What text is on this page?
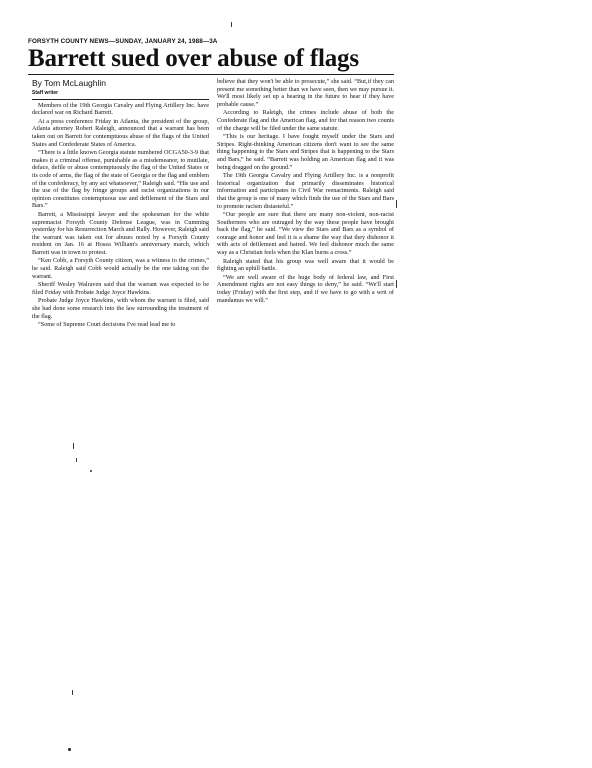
FORSYTH COUNTY NEWS—SUNDAY, JANUARY 24, 1988—3A
Barrett sued over abuse of flags
By Tom McLaughlin
Staff writer

Members of the 19th Georgia Cavalry and Flying Artillery Inc. have declared war on Richard Barrett.

At a press conference Friday in Atlanta, the president of the group, Atlanta attorney Robert Raleigh, announced that a warrant has been taken out on Barrett for contemptuous abuse of the flags of the United States and Confederate States of America.

“There is a little known Georgia statute numbered OCGA50-3-9 that makes it a criminal offense, punishable as a misdemeanor, to mutilate, deface, defile or abuse contemptuously the flag of the United States or its code of arms, the flag of the state of Georgia or the flag and emblem of the confederacy, by any act whatsoever,” Raleigh said. “His use and the use of the flag by fringe groups and racist organizations in our opinion constitutes contemptuous use and defilement of the Stars and Bars.”

Barrett, a Mississippi lawyer and the spokesman for the white supremacist Forsyth County Defense League, was in Cumming yesterday for his Resurrection March and Rally. However, Raleigh said the warrant was taken out for abuses noted by a Forsyth County resident on Jan. 16 at Hosea William's anniversary march, which Barrett was in town to protest.

“Ken Cobb, a Forsyth County citizen, was a witness to the crimes,” he said. Raleigh said Cobb would actually be the one taking out the warrant.

Sheriff Wesley Walraven said that the warrant was expected to be filed Friday with Probate Judge Joyce Hawkins.

Probate Judge Joyce Hawkins, with whom the warrant is filed, said she had done some research into the law surrounding the treatment of the flag.

“Some of Supreme Court decisions I've read lead me to

believe that they won't be able to prosecute,” she said. “But,if they can present me something better than we have seen, then we may pursue it. We'll most likely set up a hearing in the future to hear if they have probable cause.”

According to Raleigh, the crimes include abuse of both the Confederate flag and the American flag, and for that reason two counts of the charge will be filed under the same statute.

“This is our heritage. I have fought myself under the Stars and Stripes. Right-thinking American citizens don't want to see the same thing happening to the Stars and Stripes that is happening to the Stars and Bars,” he said. “Barrett was holding an American flag and it was being dragged on the ground.”

The 19th Georgia Cavalry and Flying Artillery Inc. is a nonprofit historical organization that primarily disseminates historical information and participates in Civil War reenactments. Raleigh said that the group is one of many which finds the use of the Stars and Bars to promote racism distasteful.”

“Our people are sure that there are many non-violent, non-racist Southerners who are outraged by the way these people have brought back the flag,” he said. “We view the Stars and Bars as a symbol of courage and honor and feel it is a shame the way that they dishonor it with acts of defilement and hatred. We feel dishonor much the same way as a Christian feels when the Klan burns a cross.”

Raleigh stated that his group was well aware that it would be fighting an uphill battle.

“We are well aware of the huge body of federal law, and First Amendment rights are not easy things to deny,” he said. “We'll start today (Friday) with the first step, and if we have to go with a writ of mandamus we will.”
